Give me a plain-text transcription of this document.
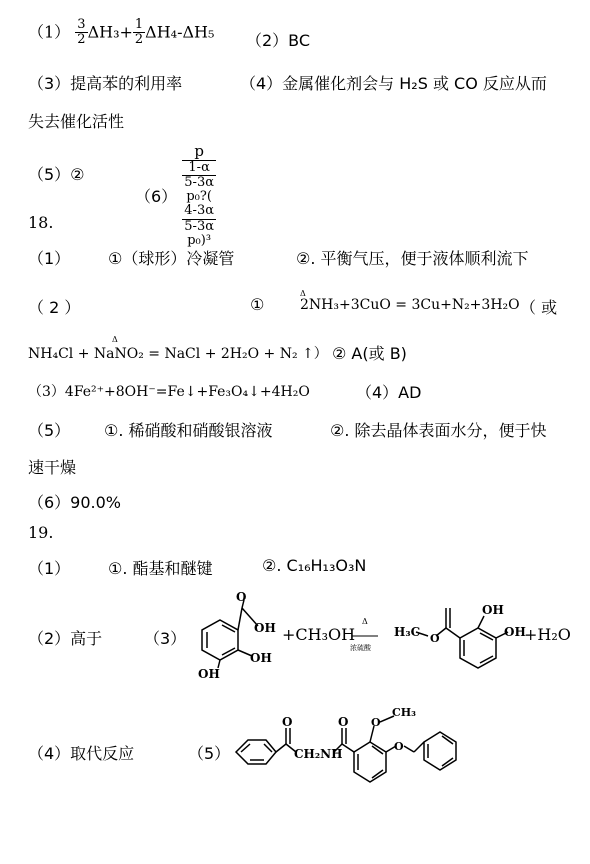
$(1) \frac{3}{2} \Delta H_3+ \frac{1}{2} \Delta H_4-\Delta H_5$ （2）BC
（3）提高苯的利用率	（4）金属催化剂会与 H₂S 或 CO 反应从而
失去催化活性
（5）②
（6） p
1-α
5-3α
p₀?(
4-3α
5-3α
p₀)³
18.
（1） ①（球形）冷凝管	②. 平衡气压，便于液体顺利流下
（ 2 ）	①
Δ
2NH₃+3CuO = 3Cu+N₂+3H₂O （ 或
Δ
NH₄Cl + NaNO₂ = NaCl + 2H₂O + N₂ ↑） ② A(或 B)
（3）4Fe²⁺+8OH⁻=Fe↓+Fe₃O₄↓+4H₂O	（4）AD
（5） ①. 稀硝酸和硝酸银溶液	②. 除去晶体表面水分，便于快
速干燥
（6）90.0%
19.
（1） ①. 酯基和醚键	②. C₁₆H₁₃O₃N
（2）高于	（3）
O
OH
OH
OH
+CH₃OH
Δ
浓硫酸
H₃C O
OH
OH
+H₂O
（4）取代反应	（5）
O
CH₂NH
O O
CH₃
O
